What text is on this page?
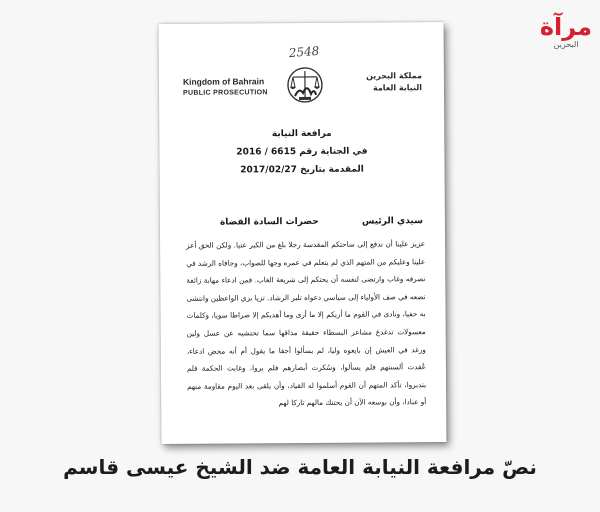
مرآة
البحرين
2548
Kingdom of Bahrain
PUBLIC PROSECUTION
مملكة البحرين
النيابة العامة
مرافعة النيابة
في الجناية رقم 6615 / 2016
المقدمة بتاريخ 2017/02/27
سيدي الرئيس
حضرات السادة القضاة
عزيز علينا أن ندفع إلى ساحتكم المقدسة رجلا بلغ من الكبر عتيا. ولكن الحق أعز علينا وعليكم من المتهم الذي لم يتعلم في عمره وجها للصواب، وجافاه الرشد في تصرفه وغاب وارتضى لنفسه أن يحتكم إلى شريعة الغاب. فمن ادعاء مهابة زائفة تضعه في صف الأولياء إلى سياسي دعواه تلير الرشاد. تزيا بزي الواعظين وانتشى به حفيا، ونادى في القوم ما أريكم إلا ما أرى وما أهديكم إلا صراطا سويا، وكلمات معسولات تدغدغ مشاعر البسطاء حقيقة مذاقها سما تحتشيه عن عسل ولين ورغد في العيش إن بايعوه وليا، لم يسألوا أحقا ما يقول أم أنه محض ادعاء، عُقدت ألسنتهم فلم يسألوا، وسُكرت أبصارهم فلم يروا، وغابت الحكمة فلم يتدبروا، تأكد المتهم أن القوم أسلموا له القياد، وأن يلقى بعد اليوم مقاومة منهم أو عنادا، وأن بوسعه الآن أن يحتنك مالهم تاركا لهم
نصّ مرافعة النيابة العامة ضد الشيخ عيسى قاسم
